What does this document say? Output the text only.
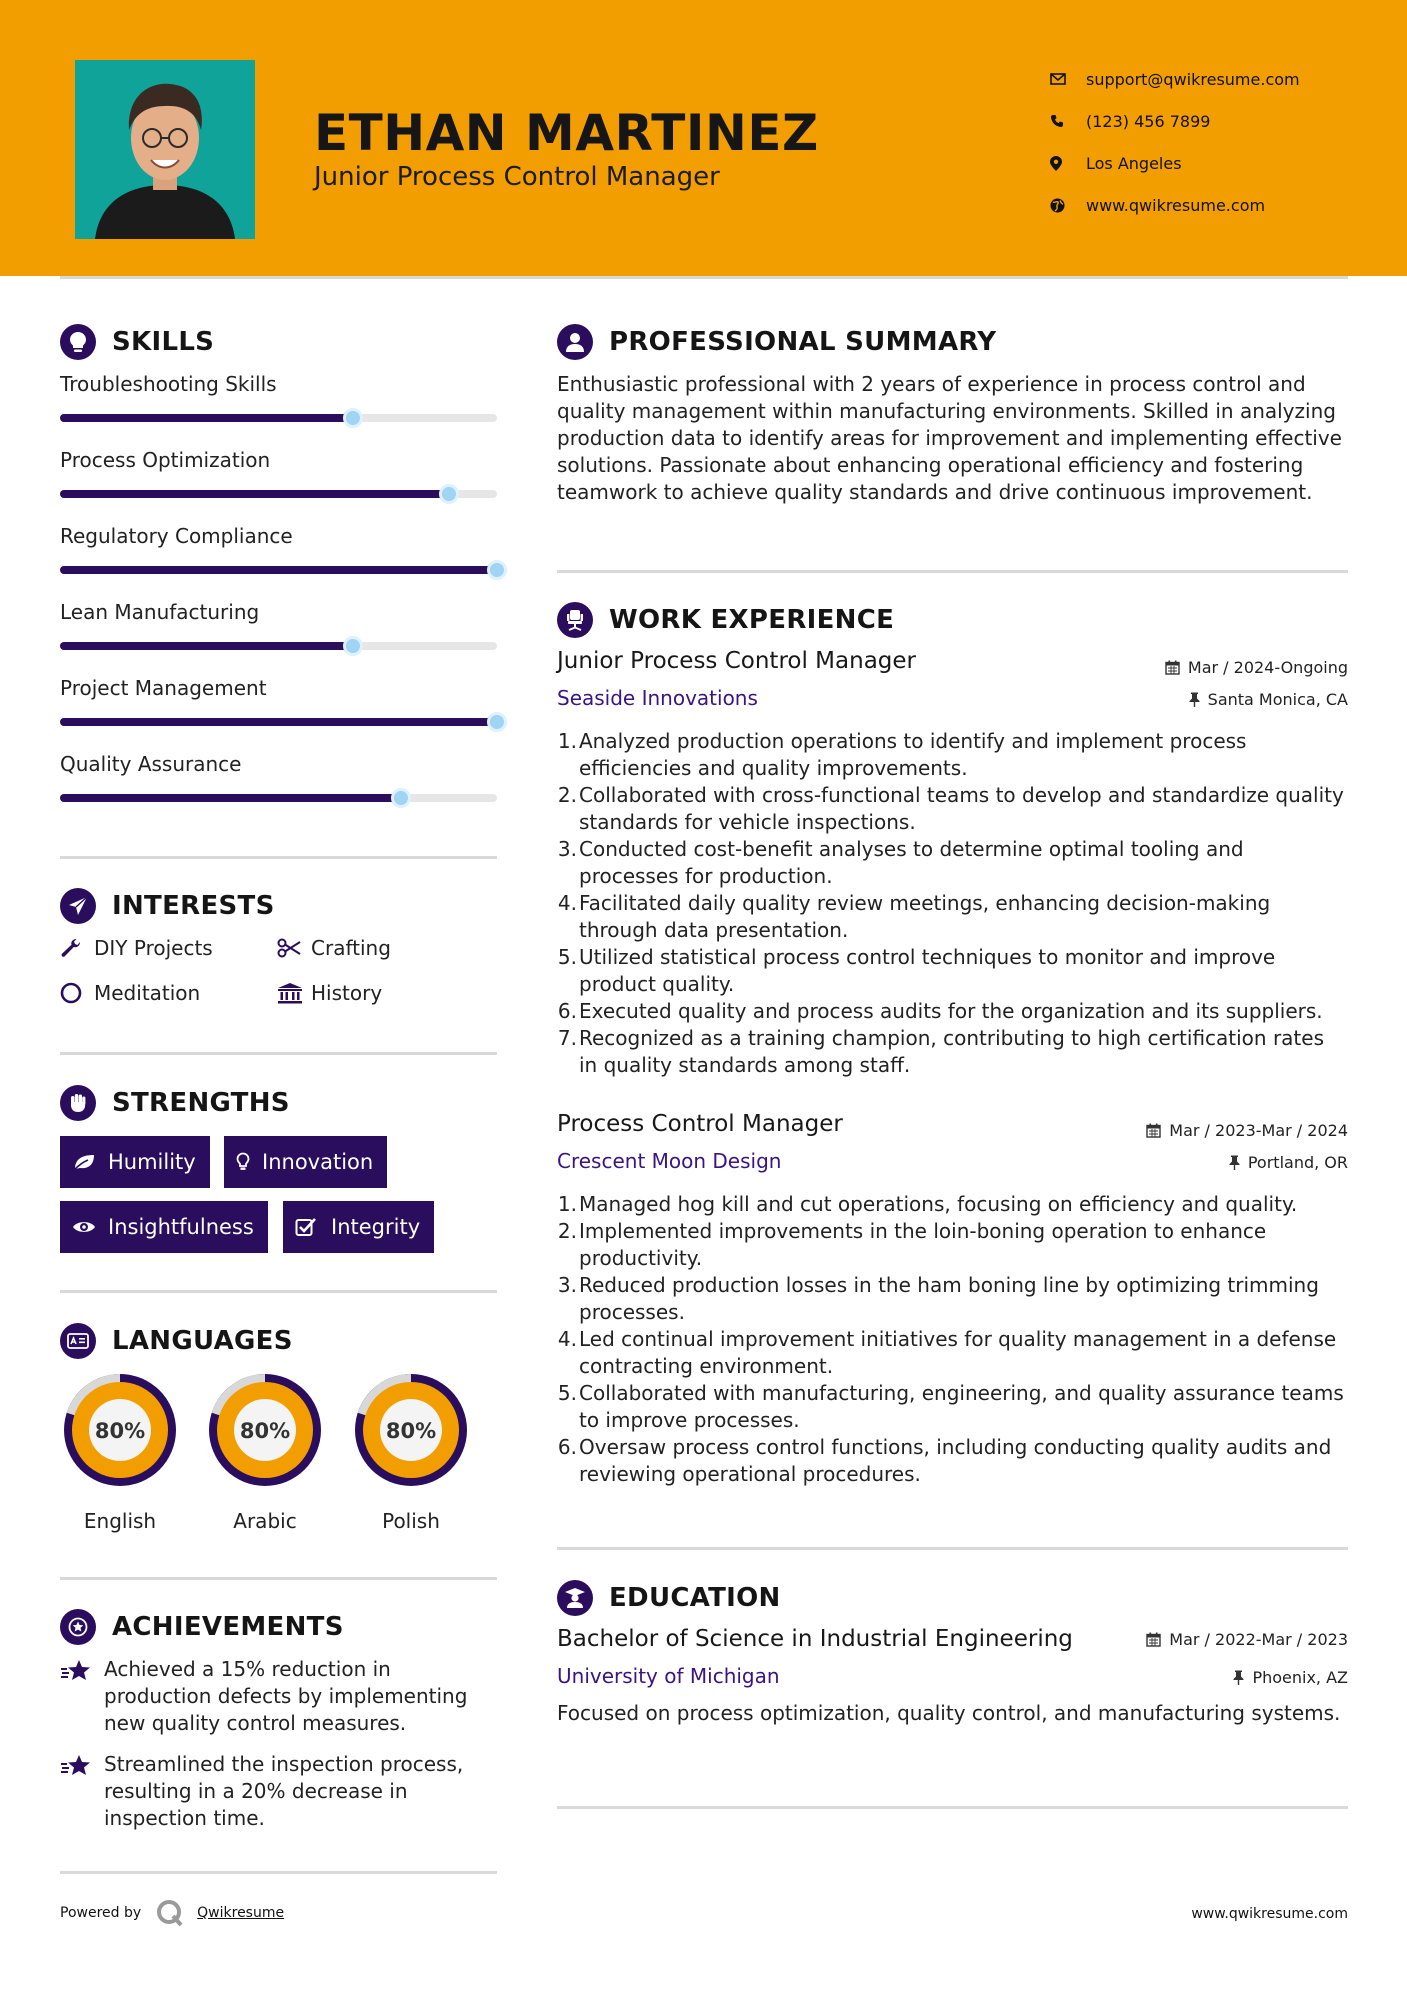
ETHAN MARTINEZ
Junior Process Control Manager
support@qwikresume.com
(123) 456 7899
Los Angeles
www.qwikresume.com
SKILLS
Troubleshooting Skills
Process Optimization
Regulatory Compliance
Lean Manufacturing
Project Management
Quality Assurance
INTERESTS
DIY Projects	Crafting
Meditation	History
STRENGTHS
Humility	Innovation
Insightfulness	Integrity
LANGUAGES
80%
English
80%
Arabic
80%
Polish
ACHIEVEMENTS
Achieved a 15% reduction in production defects by implementing new quality control measures.
Streamlined the inspection process, resulting in a 20% decrease in inspection time.
PROFESSIONAL SUMMARY
Enthusiastic professional with 2 years of experience in process control and quality management within manufacturing environments. Skilled in analyzing production data to identify areas for improvement and implementing effective solutions. Passionate about enhancing operational efficiency and fostering teamwork to achieve quality standards and drive continuous improvement.
WORK EXPERIENCE
Junior Process Control Manager	Mar / 2024-Ongoing
Seaside Innovations	Santa Monica, CA
1. Analyzed production operations to identify and implement process efficiencies and quality improvements.
2. Collaborated with cross-functional teams to develop and standardize quality standards for vehicle inspections.
3. Conducted cost-benefit analyses to determine optimal tooling and processes for production.
4. Facilitated daily quality review meetings, enhancing decision-making through data presentation.
5. Utilized statistical process control techniques to monitor and improve product quality.
6. Executed quality and process audits for the organization and its suppliers.
7. Recognized as a training champion, contributing to high certification rates in quality standards among staff.
Process Control Manager	Mar / 2023-Mar / 2024
Crescent Moon Design	Portland, OR
1. Managed hog kill and cut operations, focusing on efficiency and quality.
2. Implemented improvements in the loin-boning operation to enhance productivity.
3. Reduced production losses in the ham boning line by optimizing trimming processes.
4. Led continual improvement initiatives for quality management in a defense contracting environment.
5. Collaborated with manufacturing, engineering, and quality assurance teams to improve processes.
6. Oversaw process control functions, including conducting quality audits and reviewing operational procedures.
EDUCATION
Bachelor of Science in Industrial Engineering	Mar / 2022-Mar / 2023
University of Michigan	Phoenix, AZ
Focused on process optimization, quality control, and manufacturing systems.
Powered by	Qwikresume	www.qwikresume.com
